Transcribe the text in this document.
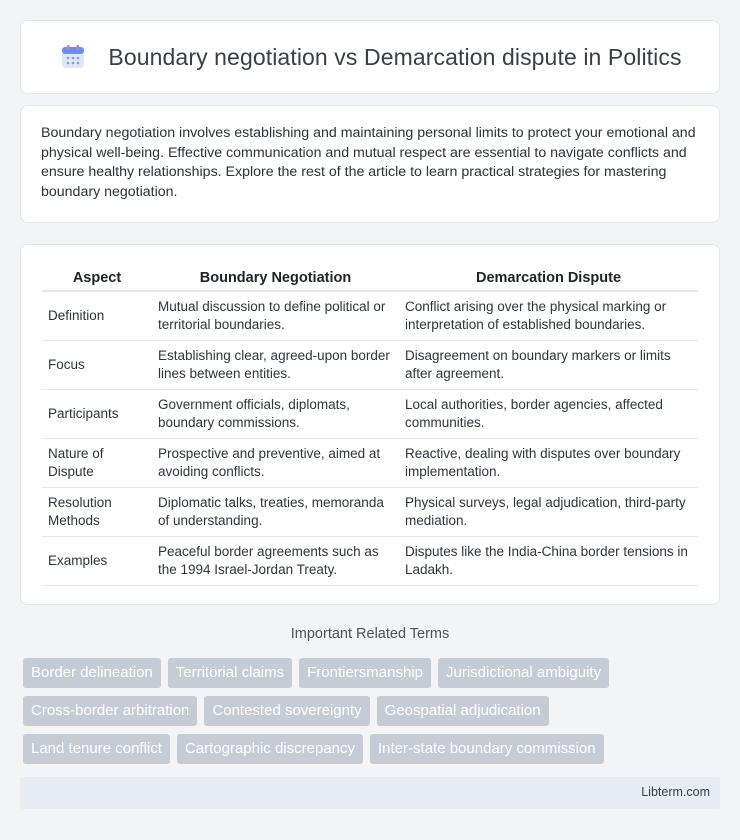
Boundary negotiation vs Demarcation dispute in Politics

Boundary negotiation involves establishing and maintaining personal limits to protect your emotional and physical well-being. Effective communication and mutual respect are essential to navigate conflicts and ensure healthy relationships. Explore the rest of the article to learn practical strategies for mastering boundary negotiation.

Aspect	Boundary Negotiation	Demarcation Dispute
Definition	Mutual discussion to define political or territorial boundaries.	Conflict arising over the physical marking or interpretation of established boundaries.
Focus	Establishing clear, agreed-upon border lines between entities.	Disagreement on boundary markers or limits after agreement.
Participants	Government officials, diplomats, boundary commissions.	Local authorities, border agencies, affected communities.
Nature of Dispute	Prospective and preventive, aimed at avoiding conflicts.	Reactive, dealing with disputes over boundary implementation.
Resolution Methods	Diplomatic talks, treaties, memoranda of understanding.	Physical surveys, legal adjudication, third-party mediation.
Examples	Peaceful border agreements such as the 1994 Israel-Jordan Treaty.	Disputes like the India-China border tensions in Ladakh.
Important Related Terms
Border delineation	Territorial claims	Frontiersmanship	Jurisdictional ambiguity
Cross-border arbitration	Contested sovereignty	Geospatial adjudication
Land tenure conflict	Cartographic discrepancy	Inter-state boundary commission
Libterm.com
